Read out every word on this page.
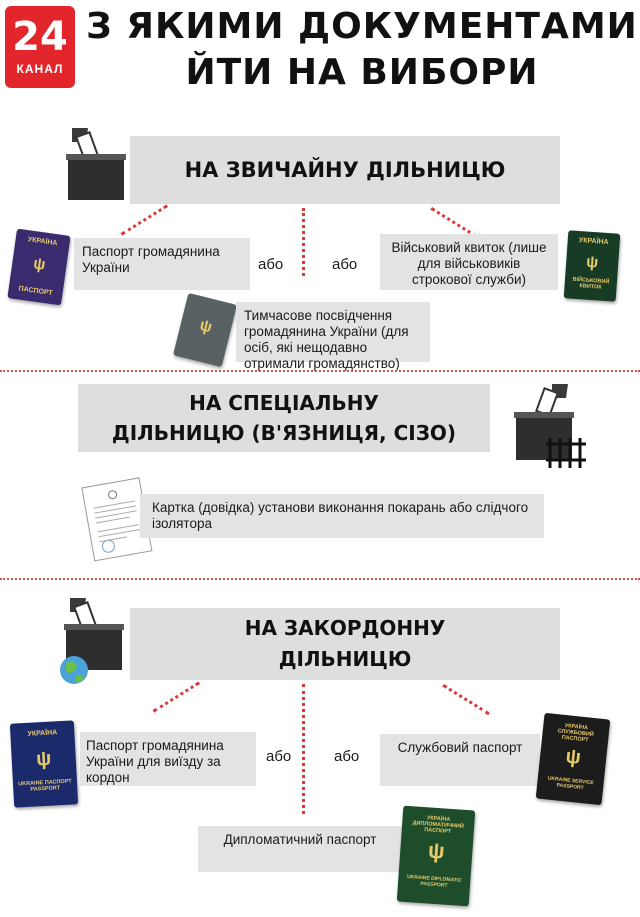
24
КАНАЛ
З ЯКИМИ ДОКУМЕНТАМИ
ЙТИ НА ВИБОРИ
НА ЗВИЧАЙНУ ДІЛЬНИЦЮ
УКРАЇНА
ψ
ПАСПОРТ
Паспорт громадянина України	або	або
Військовий квиток (лише для військовиків строкової служби)
УКРАЇНА
ψ
ВІЙСЬКОВИЙ КВИТОК
ψ
Тимчасове посвідчення громадянина України (для осіб, які нещодавно отримали громадянство)
НА СПЕЦІАЛЬНУ
ДІЛЬНИЦЮ (В'ЯЗНИЦЯ, СІЗО)
Картка (довідка) установи виконання покарань або слідчого ізолятора
НА ЗАКОРДОННУ
ДІЛЬНИЦЮ
УКРАЇНА
ψ
UKRAINE ПАСПОРТ PASSPORT
Паспорт громадянина України для виїзду за кордон
або	або
Службовий паспорт
УКРАЇНА СЛУЖБОВИЙ ПАСПОРТ
ψ
UKRAINE SERVICE PASSPORT
Дипломатичний паспорт
УКРАЇНА ДИПЛОМАТИЧНИЙ ПАСПОРТ
ψ
UKRAINE DIPLOMATIC PASSPORT
